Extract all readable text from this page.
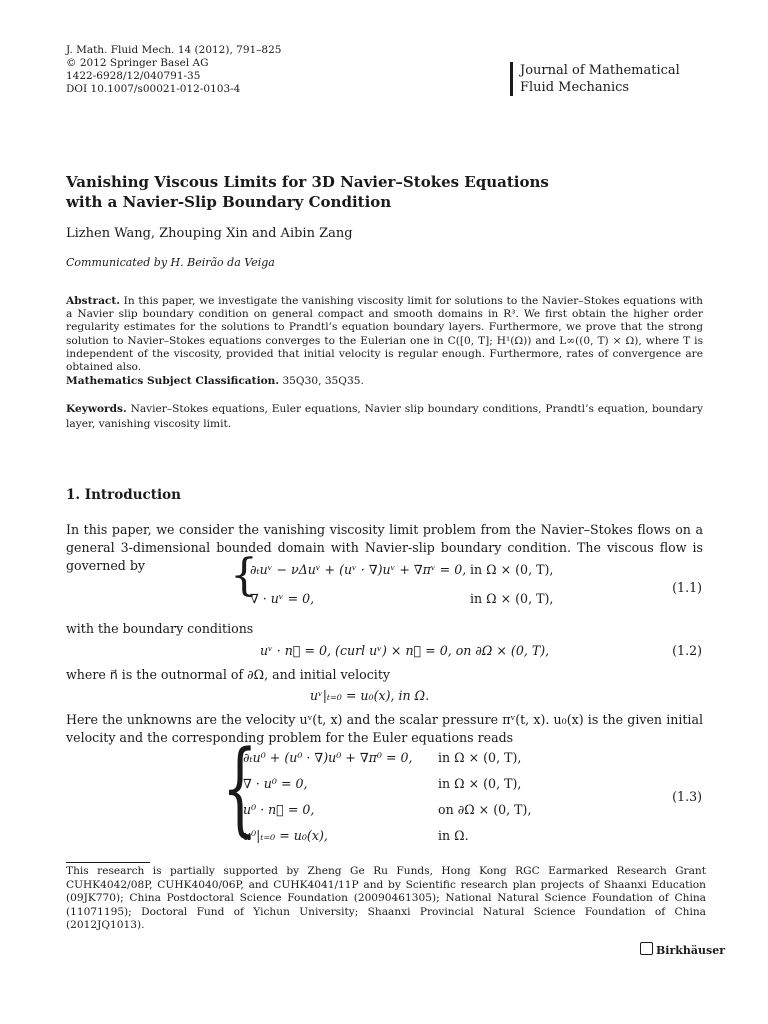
J. Math. Fluid Mech. 14 (2012), 791–825
© 2012 Springer Basel AG
1422-6928/12/040791-35
DOI 10.1007/s00021-012-0103-4
Journal of Mathematical
Fluid Mechanics
Vanishing Viscous Limits for 3D Navier–Stokes Equations
with a Navier-Slip Boundary Condition
Lizhen Wang, Zhouping Xin and Aibin Zang
Communicated by H. Beirão da Veiga
Abstract. In this paper, we investigate the vanishing viscosity limit for solutions to the Navier–Stokes equations with a Navier slip boundary condition on general compact and smooth domains in R³. We first obtain the higher order regularity estimates for the solutions to Prandtl’s equation boundary layers. Furthermore, we prove that the strong solution to Navier–Stokes equations converges to the Eulerian one in C([0, T]; H¹(Ω)) and L∞((0, T) × Ω), where T is independent of the viscosity, provided that initial velocity is regular enough. Furthermore, rates of convergence are obtained also.
Mathematics Subject Classification. 35Q30, 35Q35.
Keywords. Navier–Stokes equations, Euler equations, Navier slip boundary conditions, Prandtl’s equation, boundary layer, vanishing viscosity limit.
1. Introduction
In this paper, we consider the vanishing viscosity limit problem from the Navier–Stokes flows on a general 3-dimensional bounded domain with Navier-slip boundary condition. The viscous flow is governed by	{
∂ₜuᵛ − νΔuᵛ + (uᵛ · ∇)uᵛ + ∇πᵛ = 0, in Ω × (0, T),
∇ · uᵛ = 0,	in Ω × (0, T),
(1.1)
with the boundary conditions
uᵛ · n⃗ = 0, (curl uᵛ) × n⃗ = 0, on ∂Ω × (0, T),	(1.2)
where n⃗ is the outnormal of ∂Ω, and initial velocity
uᵛ|ₜ₌₀ = u₀(x), in Ω.
Here the unknowns are the velocity uᵛ(t, x) and the scalar pressure πᵛ(t, x). u₀(x) is the given initial velocity and the corresponding problem for the Euler equations reads
{
∂ₜu⁰ + (u⁰ · ∇)u⁰ + ∇π⁰ = 0, in Ω × (0, T),
∇ · u⁰ = 0,	in Ω × (0, T),
u⁰ · n⃗ = 0,	on ∂Ω × (0, T),
u⁰|ₜ₌₀ = u₀(x),	in Ω.
(1.3)
This research is partially supported by Zheng Ge Ru Funds, Hong Kong RGC Earmarked Research Grant CUHK4042/08P, CUHK4040/06P, and CUHK4041/11P and by Scientific research plan projects of Shaanxi Education (09JK770); China Postdoctoral Science Foundation (20090461305); National Natural Science Foundation of China (11071195); Doctoral Fund of Yichun University; Shaanxi Provincial Natural Science Foundation of China (2012JQ1013).
Birkhäuser
